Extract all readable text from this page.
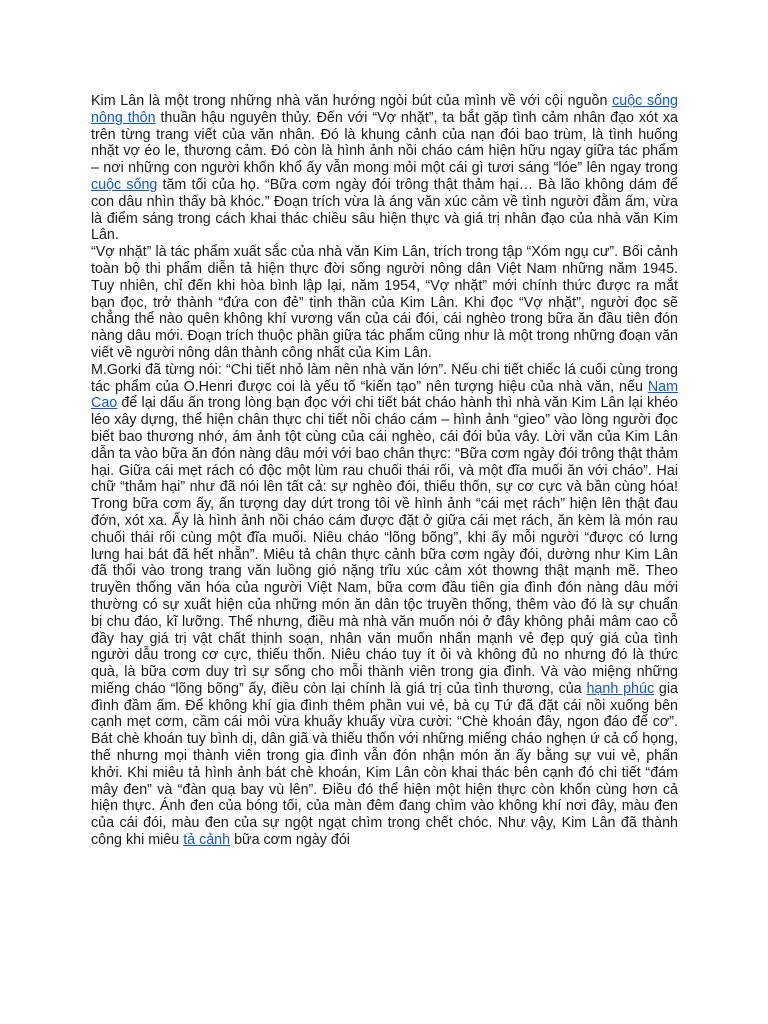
Kim Lân là một trong những nhà văn hướng ngòi bút của mình về với cội nguồn cuộc sống nông thôn thuần hậu nguyên thủy. Đến với “Vợ nhặt”, ta bắt gặp tình cảm nhân đạo xót xa trên từng trang viết của văn nhân. Đó là khung cảnh của nạn đói bao trùm, là tình huống nhặt vợ éo le, thương cảm. Đó còn là hình ảnh nồi cháo cám hiện hữu ngay giữa tác phẩm – nơi những con người khốn khổ ấy vẫn mong mỏi một cái gì tươi sáng “lóe” lên ngay trong cuộc sống tăm tối của họ. “Bữa cơm ngày đói trông thật thảm hại… Bà lão không dám để con dâu nhìn thấy bà khóc.” Đoạn trích vừa là áng văn xúc cảm về tình người đằm ấm, vừa là điểm sáng trong cách khai thác chiều sâu hiện thực và giá trị nhân đạo của nhà văn Kim Lân.

“Vợ nhặt” là tác phẩm xuất sắc của nhà văn Kim Lân, trích trong tập “Xóm ngụ cư”. Bối cảnh toàn bộ thi phẩm diễn tả hiện thực đời sống người nông dân Việt Nam những năm 1945. Tuy nhiên, chỉ đến khi hòa bình lập lại, năm 1954, “Vợ nhặt” mới chính thức được ra mắt bạn đọc, trở thành “đứa con đẻ” tinh thần của Kim Lân. Khi đọc “Vợ nhặt”, người đọc sẽ chẳng thể nào quên không khí vương vấn của cái đói, cái nghèo trong bữa ăn đầu tiên đón nàng dâu mới. Đoạn trích thuộc phần giữa tác phẩm cũng như là một trong những đoạn văn viết về người nông dân thành công nhất của Kim Lân.

M.Gorki đã từng nói: “Chi tiết nhỏ làm nên nhà văn lớn”. Nếu chi tiết chiếc lá cuối cùng trong tác phẩm của O.Henri được coi là yếu tố “kiến tạo” nên tượng hiệu của nhà văn, nếu Nam Cao để lại dấu ấn trong lòng bạn đọc với chi tiết bát cháo hành thì nhà văn Kim Lân lại khéo léo xây dựng, thể hiện chân thực chi tiết nồi cháo cám – hình ảnh “gieo” vào lòng người đọc biết bao thương nhớ, ám ảnh tột cùng của cái nghèo, cái đói bủa vây. Lời văn của Kim Lân dẫn ta vào bữa ăn đón nàng dâu mới với bao chân thực: “Bữa cơm ngày đói trông thật thảm hại. Giữa cái mẹt rách có độc một lùm rau chuối thái rối, và một đĩa muối ăn với cháo”. Hai chữ “thảm hại” như đã nói lên tất cả: sự nghèo đói, thiếu thốn, sự cơ cực và bần cùng hóa! Trong bữa cơm ấy, ấn tượng day dứt trong tôi về hình ảnh “cái mẹt rách” hiện lên thật đau đớn, xót xa. Ấy là hình ảnh nồi cháo cám được đặt ở giữa cái mẹt rách, ăn kèm là món rau chuối thái rối cùng một đĩa muối. Niêu cháo “lõng bõng”, khi ấy mỗi người “được có lưng lưng hai bát đã hết nhẵn”. Miêu tả chân thực cảnh bữa cơm ngày đói, dường như Kim Lân đã thổi vào trong trang văn luồng gió nặng trĩu xúc cảm xót thowng thật mạnh mẽ. Theo truyền thống văn hóa của người Việt Nam, bữa cơm đầu tiên gia đình đón nàng dâu mới thường có sự xuất hiện của những món ăn dân tộc truyền thống, thêm vào đó là sự chuẩn bị chu đáo, kĩ lưỡng. Thế nhưng, điều mà nhà văn muốn nói ở đây không phải mâm cao cỗ đầy hay giá trị vật chất thịnh soạn, nhân văn muốn nhấn mạnh vẻ đẹp quý giá của tình người dẫu trong cơ cực, thiếu thốn. Niêu cháo tuy ít ỏi và không đủ no nhưng đó là thức quà, là bữa cơm duy trì sự sống cho mỗi thành viên trong gia đình. Và vào miệng những miếng cháo “lõng bõng” ấy, điều còn lại chính là giá trị của tình thương, của hạnh phúc gia đình đầm ấm. Để không khí gia đình thêm phần vui vẻ, bà cụ Tứ đã đặt cái nồi xuống bên cạnh mẹt cơm, cầm cái môi vừa khuấy khuấy vừa cười: “Chè khoán đây, ngon đáo để cơ”. Bát chè khoán tuy bình dị, dân giã và thiếu thốn với những miếng cháo nghẹn ứ cả cổ họng, thế nhưng mọi thành viên trong gia đình vẫn đón nhận món ăn ấy bằng sự vui vẻ, phấn khởi. Khi miêu tả hình ảnh bát chè khoán, Kim Lân còn khai thác bên cạnh đó chi tiết “đám mây đen” và “đàn quạ bay vù lên”. Điều đó thể hiện một hiện thực còn khốn cùng hơn cả hiện thực. Ánh đen của bóng tối, của màn đêm đang chìm vào không khí nơi đây, màu đen của cái đói, màu đen của sự ngột ngạt chìm trong chết chóc. Như vậy, Kim Lân đã thành công khi miêu tả cảnh bữa cơm ngày đói
